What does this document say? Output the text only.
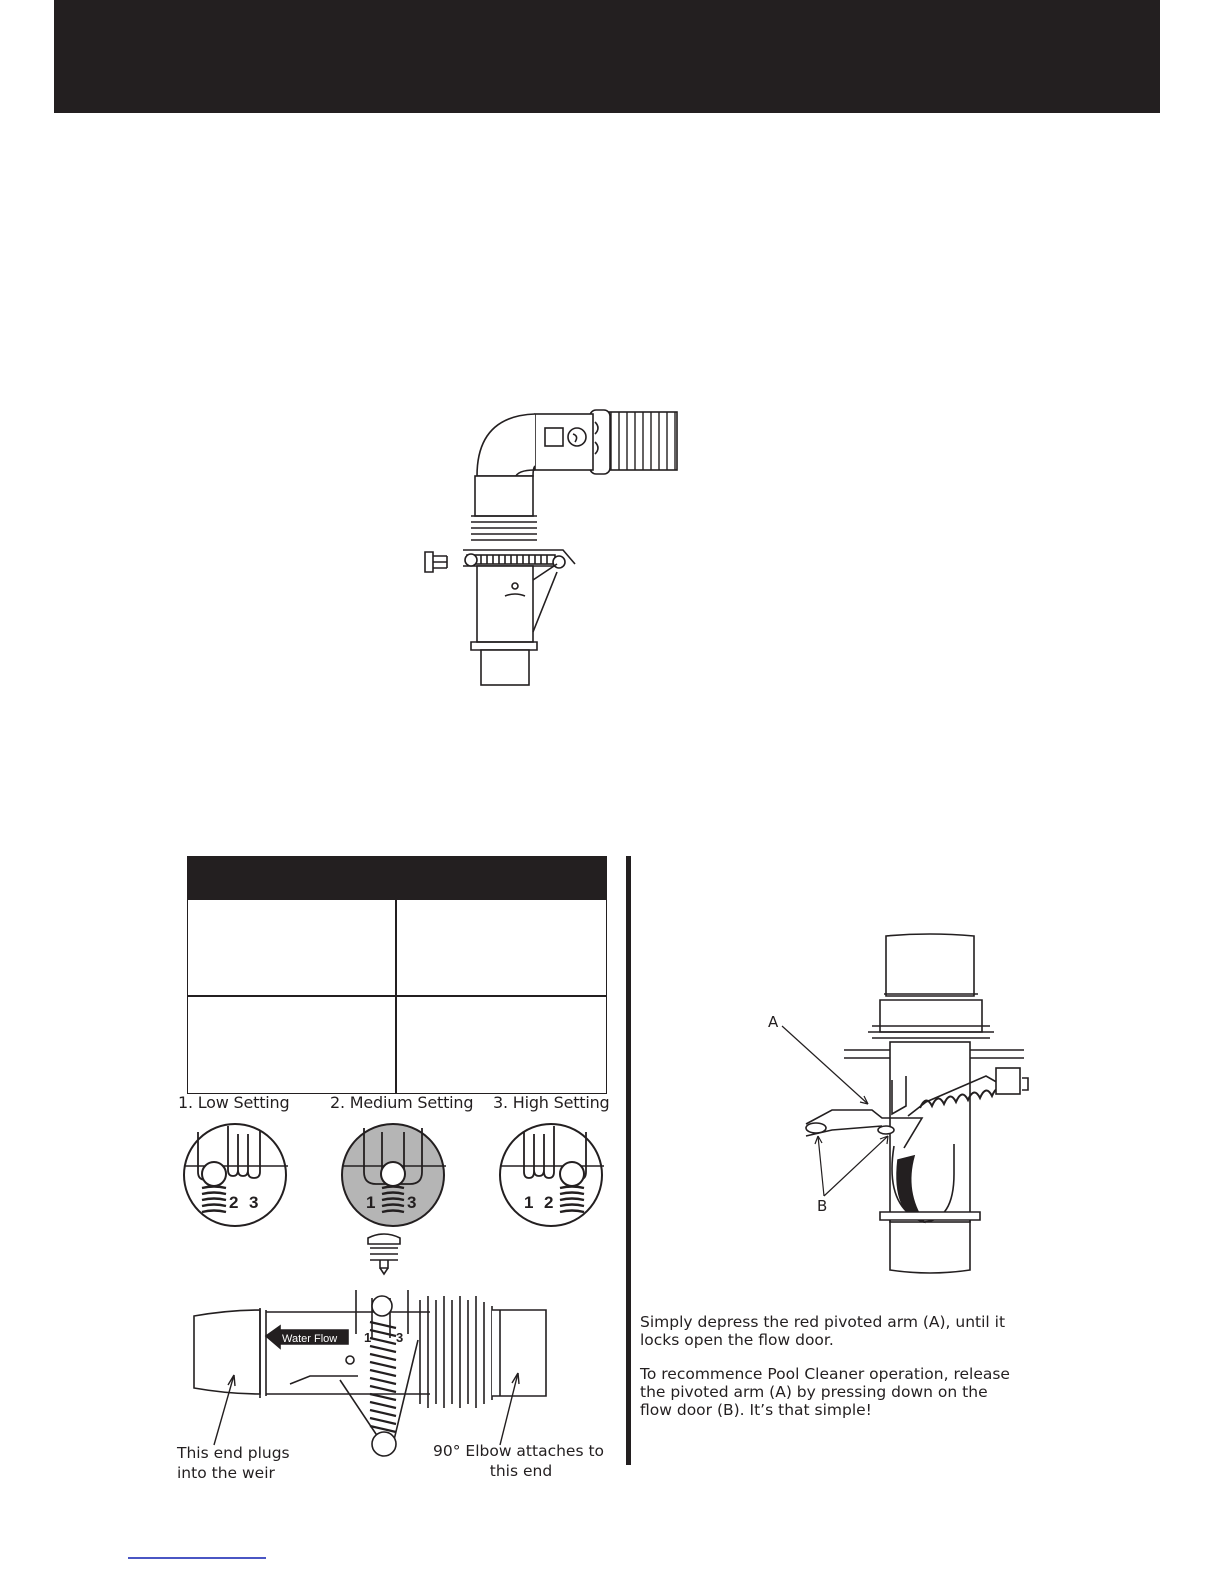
1. Low Setting	2. Medium Setting 3. High Setting
2 3	1 3	1 2
Water Flow 1 3
This end plugs
into the weir
90° Elbow attaches to
this end
A
B
Simply depress the red pivoted arm (A), until it locks open the flow door.
To recommence Pool Cleaner operation, release the pivoted arm (A) by pressing down on the flow door (B). It’s that simple!
